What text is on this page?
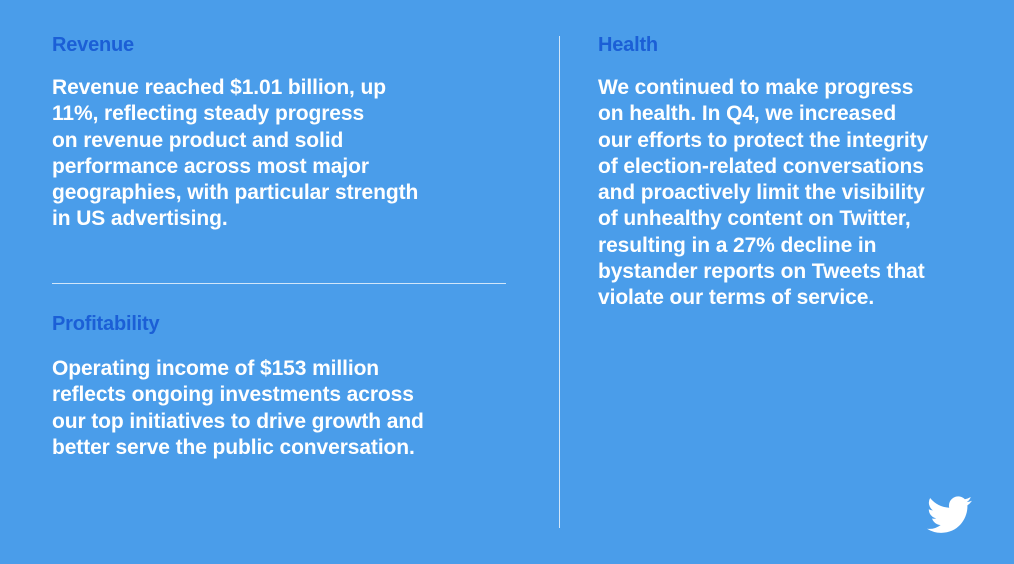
Revenue

Revenue reached $1.01 billion, up
11%, reflecting steady progress
on revenue product and solid
performance across most major
geographies, with particular strength
in US advertising.

Profitability

Operating income of $153 million
reflects ongoing investments across
our top initiatives to drive growth and
better serve the public conversation.

Health

We continued to make progress
on health. In Q4, we increased
our efforts to protect the integrity
of election-related conversations
and proactively limit the visibility
of unhealthy content on Twitter,
resulting in a 27% decline in
bystander reports on Tweets that
violate our terms of service.
